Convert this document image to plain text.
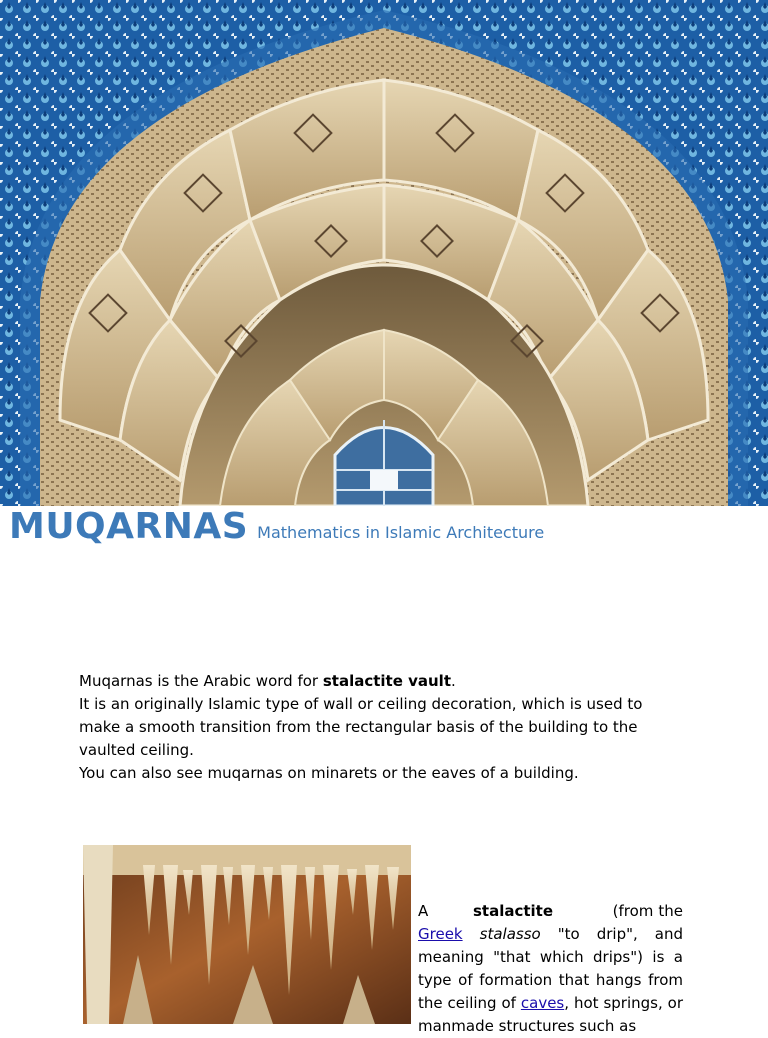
MUQARNAS Mathematics in Islamic Architecture

Muqarnas is the Arabic word for stalactite vault.

It is an originally Islamic type of wall or ceiling decoration, which is used to make a smooth transition from the rectangular basis of the building to the vaulted ceiling.

You can also see muqarnas on minarets or the eaves of a building.

A	stalactite	(from the Greek stalasso "to drip", and meaning "that which drips") is a type of formation that hangs from the ceiling of caves, hot springs, or manmade structures such as
